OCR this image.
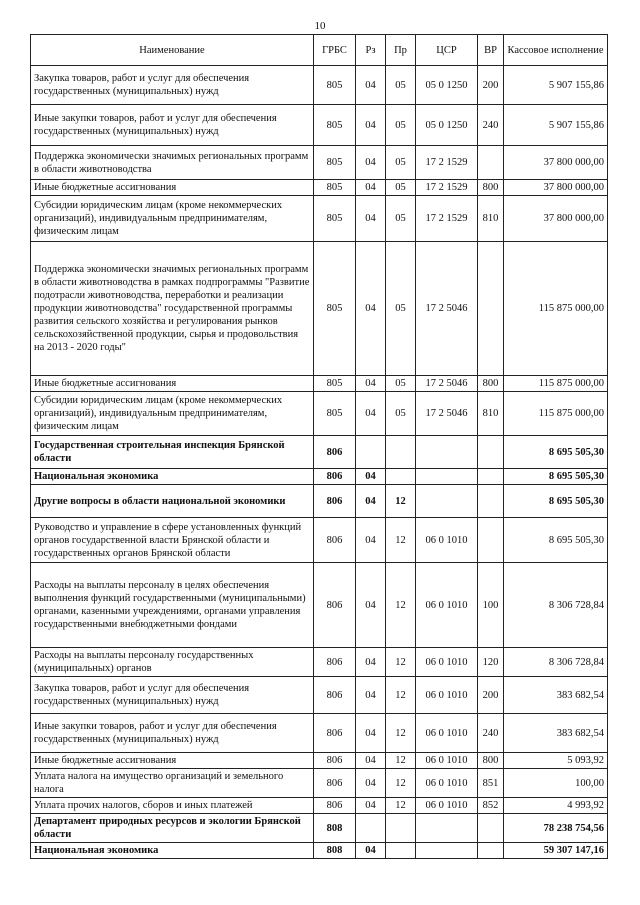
10
Наименование	ГРБС	Рз	Пр	ЦСР	ВР	Кассовое исполнение
Закупка товаров, работ и услуг для обеспечения государственных (муниципальных) нужд	805	04	05	05 0 1250	200	5 907 155,86
Иные закупки товаров, работ и услуг для обеспечения государственных (муниципальных) нужд	805	04	05	05 0 1250	240	5 907 155,86
Поддержка экономически значимых региональных программ в области животноводства	805	04	05	17 2 1529		37 800 000,00
Иные бюджетные ассигнования	805	04	05	17 2 1529	800	37 800 000,00
Субсидии юридическим лицам (кроме некоммерческих организаций), индивидуальным предпринимателям, физическим лицам	805	04	05	17 2 1529	810	37 800 000,00
Поддержка экономически значимых региональных программ в области животноводства в рамках подпрограммы "Развитие подотрасли животноводства, переработки и реализации продукции животноводства" государственной программы развития сельского хозяйства и регулирования рынков сельскохозяйственной продукции, сырья и продовольствия на 2013 - 2020 годы"	805	04	05	17 2 5046		115 875 000,00
Иные бюджетные ассигнования	805	04	05	17 2 5046	800	115 875 000,00
Субсидии юридическим лицам (кроме некоммерческих организаций), индивидуальным предпринимателям, физическим лицам	805	04	05	17 2 5046	810	115 875 000,00
Государственная строительная инспекция Брянской области	806					8 695 505,30
Национальная экономика	806	04				8 695 505,30
Другие вопросы в области национальной экономики	806	04	12			8 695 505,30
Руководство и управление в сфере установленных функций органов государственной власти Брянской области и государственных органов Брянской области	806	04	12	06 0 1010		8 695 505,30
Расходы на выплаты персоналу в целях обеспечения выполнения функций государственными (муниципальными) органами, казенными учреждениями, органами управления государственными внебюджетными фондами	806	04	12	06 0 1010	100	8 306 728,84
Расходы на выплаты персоналу государственных (муниципальных) органов	806	04	12	06 0 1010	120	8 306 728,84
Закупка товаров, работ и услуг для обеспечения государственных (муниципальных) нужд	806	04	12	06 0 1010	200	383 682,54
Иные закупки товаров, работ и услуг для обеспечения государственных (муниципальных) нужд	806	04	12	06 0 1010	240	383 682,54
Иные бюджетные ассигнования	806	04	12	06 0 1010	800	5 093,92
Уплата налога на имущество организаций и земельного налога	806	04	12	06 0 1010	851	100,00
Уплата прочих налогов, сборов и иных платежей	806	04	12	06 0 1010	852	4 993,92
Департамент природных ресурсов и экологии Брянской области	808					78 238 754,56
Национальная экономика	808	04				59 307 147,16
